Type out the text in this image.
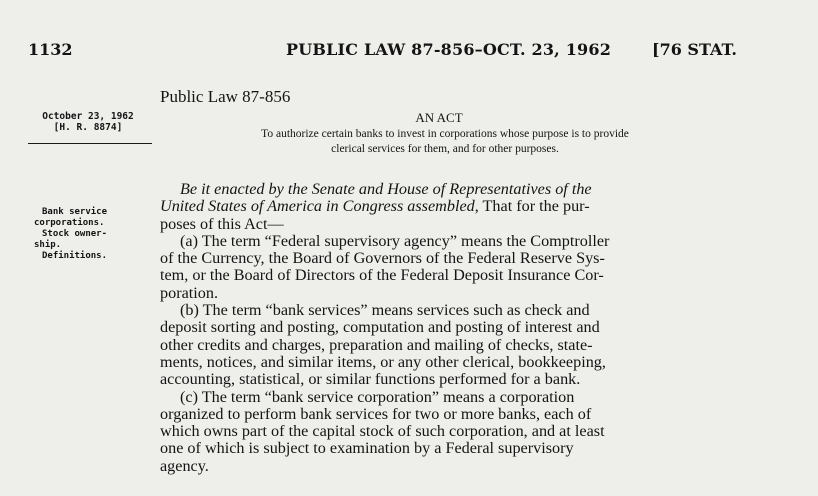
1132	PUBLIC LAW 87-856–OCT. 23, 1962	[76 STAT.
Public Law 87-856
AN ACT
To authorize certain banks to invest in corporations whose purpose is to provide
clerical services for them, and for other purposes.
October 23, 1962
[H. R. 8874]
Bank service
corporations.
Stock owner-
ship.
Definitions.
Be it enacted by the Senate and House of Representatives of the
United States of America in Congress assembled, That for the pur-
poses of this Act—
(a) The term “Federal supervisory agency” means the Comptroller
of the Currency, the Board of Governors of the Federal Reserve Sys-
tem, or the Board of Directors of the Federal Deposit Insurance Cor-
poration.
(b) The term “bank services” means services such as check and
deposit sorting and posting, computation and posting of interest and
other credits and charges, preparation and mailing of checks, state-
ments, notices, and similar items, or any other clerical, bookkeeping,
accounting, statistical, or similar functions performed for a bank.
(c) The term “bank service corporation” means a corporation
organized to perform bank services for two or more banks, each of
which owns part of the capital stock of such corporation, and at least
one of which is subject to examination by a Federal supervisory
agency.
